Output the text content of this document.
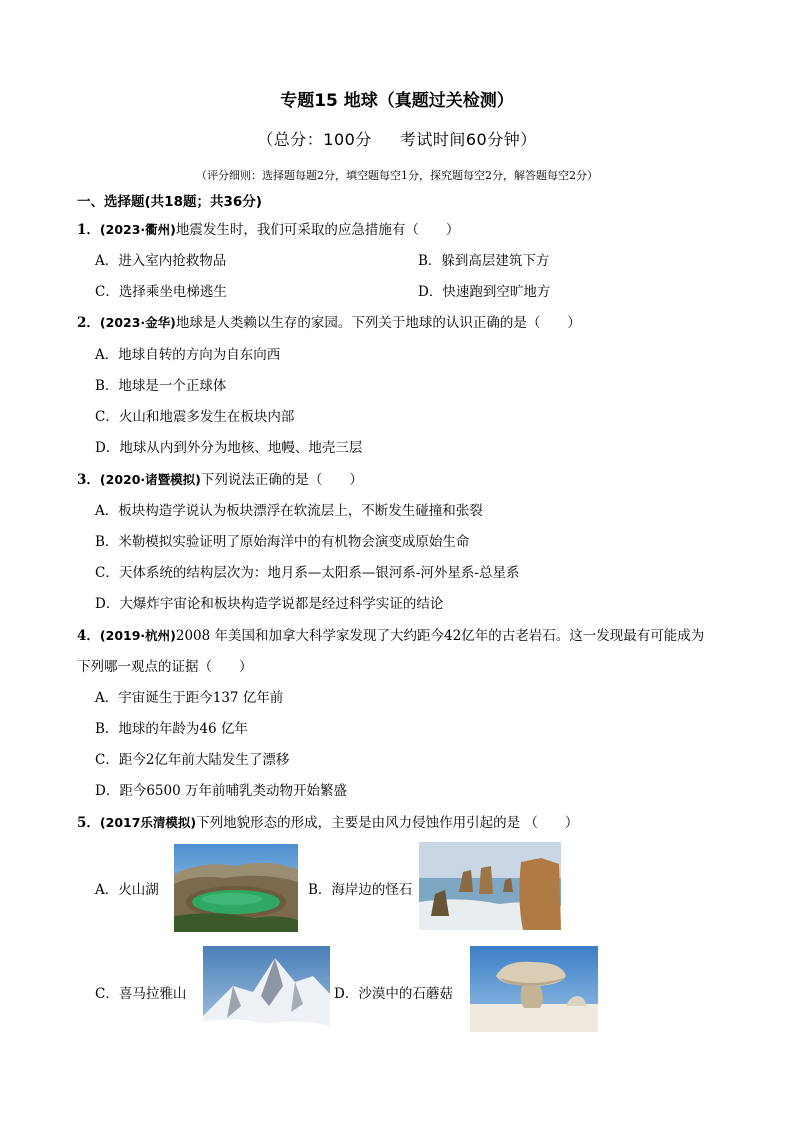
专题15 地球（真题过关检测）
（总分：100分 考试时间60分钟）
（评分细则：选择题每题2分，填空题每空1分，探究题每空2分，解答题每空2分）
一、选择题(共18题；共36分)
1．(2023·衢州)地震发生时，我们可采取的应急措施有（　　）
A．进入室内抢救物品	B．躲到高层建筑下方
C．选择乘坐电梯逃生	D．快速跑到空旷地方
2．(2023·金华)地球是人类赖以生存的家园。下列关于地球的认识正确的是（　　）
A．地球自转的方向为自东向西
B．地球是一个正球体
C．火山和地震多发生在板块内部
D．地球从内到外分为地核、地幔、地壳三层
3．(2020·诸暨模拟)下列说法正确的是（　　）
A．板块构造学说认为板块漂浮在软流层上，不断发生碰撞和张裂
B．米勒模拟实验证明了原始海洋中的有机物会演变成原始生命
C．天体系统的结构层次为：地月系—太阳系—银河系-河外星系-总星系
D．大爆炸宇宙论和板块构造学说都是经过科学实证的结论
4．(2019·杭州)2008 年美国和加拿大科学家发现了大约距今42亿年的古老岩石。这一发现最有可能成为
下列哪一观点的证据（　　）
A．宇宙诞生于距今137 亿年前
B．地球的年龄为46 亿年
C．距今2亿年前大陆发生了漂移
D．距今6500 万年前哺乳类动物开始繁盛
5．(2017乐清模拟)下列地貌形态的形成，主要是由风力侵蚀作用引起的是 （　　）
A．火山湖	B．海岸边的怪石
C．喜马拉雅山	D．沙漠中的石蘑菇
